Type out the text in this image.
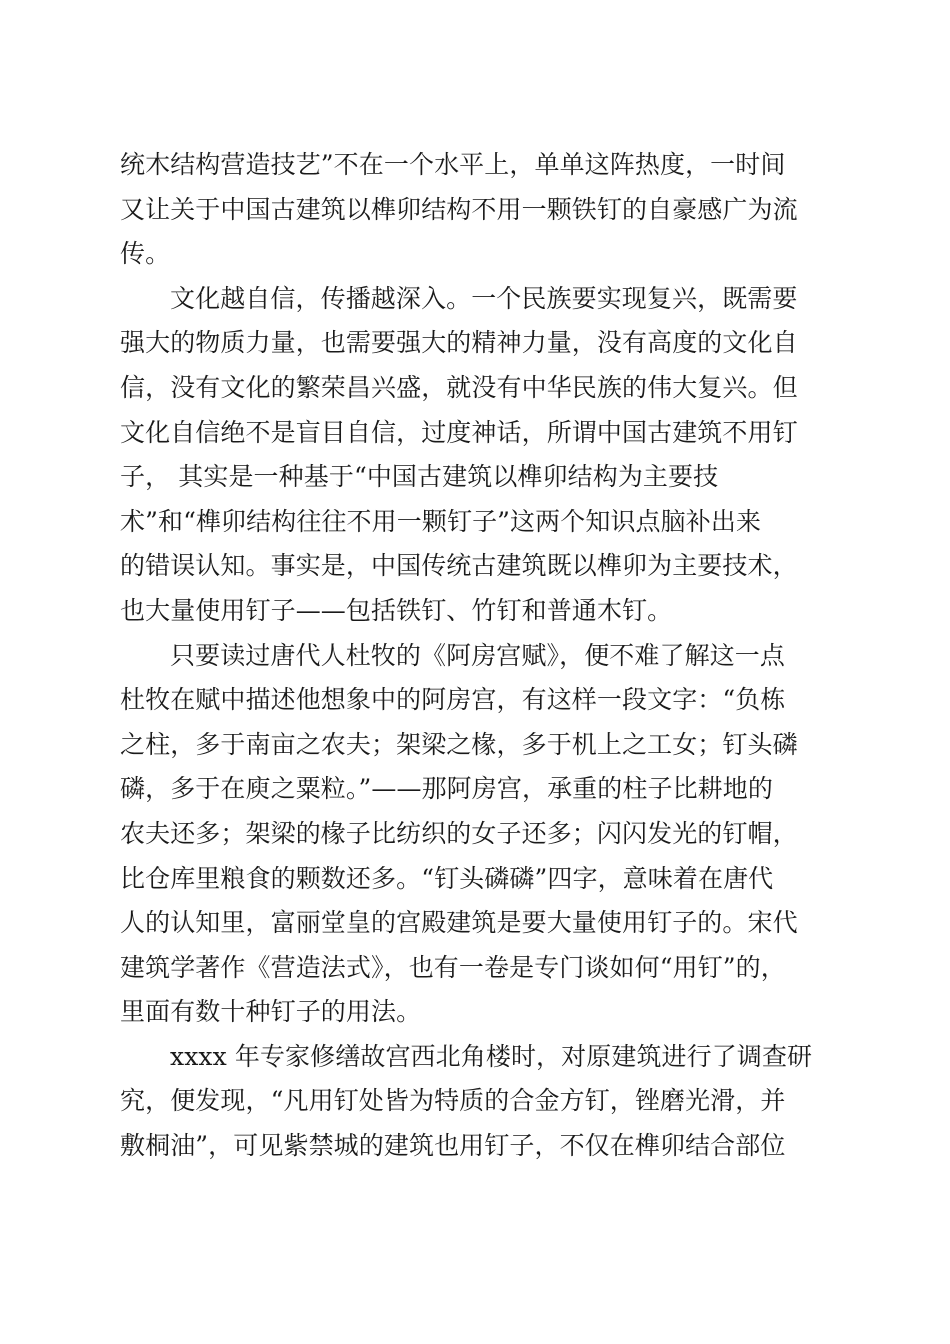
统木结构营造技艺”不在一个水平上，单单这阵热度，一时间
又让关于中国古建筑以榫卯结构不用一颗铁钉的自豪感广为流
传。
文化越自信，传播越深入。一个民族要实现复兴，既需要
强大的物质力量，也需要强大的精神力量，没有高度的文化自
信，没有文化的繁荣昌兴盛，就没有中华民族的伟大复兴。但
文化自信绝不是盲目自信，过度神话，所谓中国古建筑不用钉
子， 其实是一种基于“中国古建筑以榫卯结构为主要技
术”和“榫卯结构往往不用一颗钉子”这两个知识点脑补出来
的错误认知。事实是，中国传统古建筑既以榫卯为主要技术，
也大量使用钉子——包括铁钉、竹钉和普通木钉。
只要读过唐代人杜牧的《阿房宫赋》，便不难了解这一点
杜牧在赋中描述他想象中的阿房宫，有这样一段文字：“负栋
之柱，多于南亩之农夫；架梁之椽，多于机上之工女；钉头磷
磷，多于在庾之粟粒。”——那阿房宫，承重的柱子比耕地的
农夫还多；架梁的椽子比纺织的女子还多；闪闪发光的钉帽，
比仓库里粮食的颗数还多。“钉头磷磷”四字，意味着在唐代
人的认知里，富丽堂皇的宫殿建筑是要大量使用钉子的。宋代
建筑学著作《营造法式》，也有一卷是专门谈如何“用钉”的，
里面有数十种钉子的用法。
xxxx 年专家修缮故宫西北角楼时，对原建筑进行了调查研
究，便发现，“凡用钉处皆为特质的合金方钉，锉磨光滑，并
敷桐油”，可见紫禁城的建筑也用钉子，不仅在榫卯结合部位
